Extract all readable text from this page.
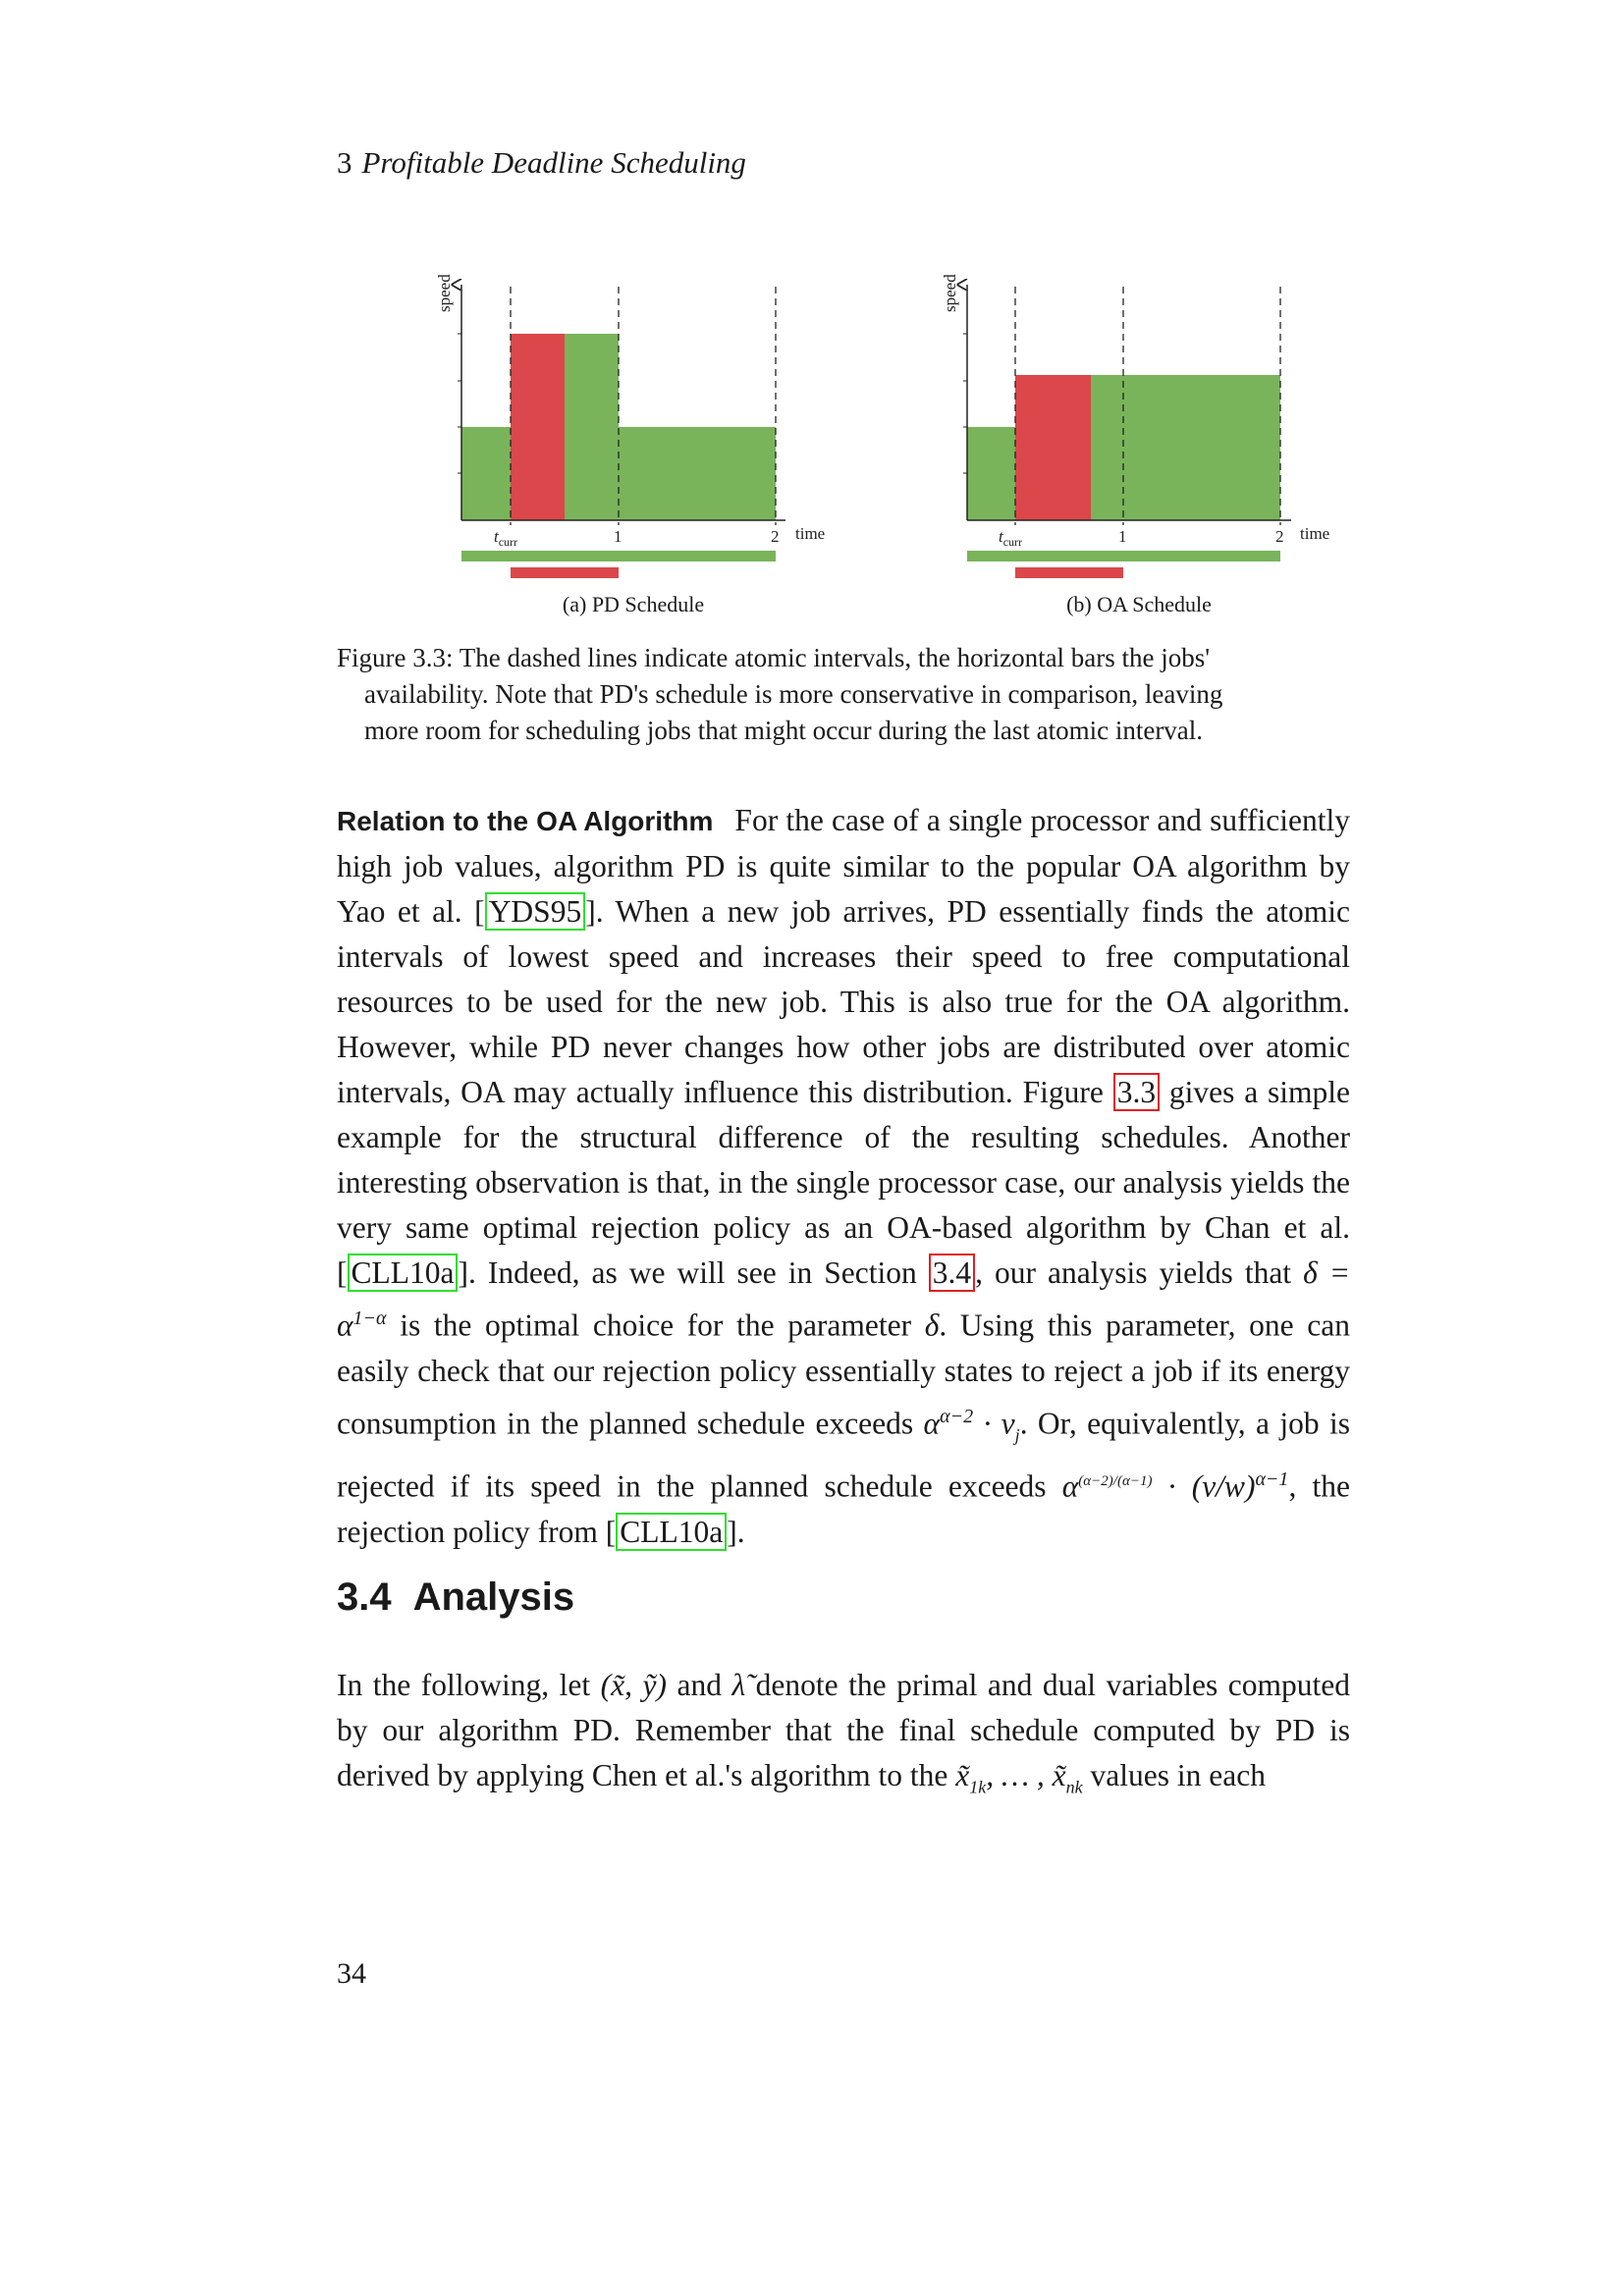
3 Profitable Deadline Scheduling
speed
$t_{curr}$	1	2 time
speed
$t_{curr}$	1	2 time
(a) PD Schedule	(b) OA Schedule
Figure 3.3: The dashed lines indicate atomic intervals, the horizontal bars the jobs'
availability. Note that PD's schedule is more conservative in comparison, leaving
more room for scheduling jobs that might occur during the last atomic interval.
Relation to the OA Algorithm For the case of a single processor and sufficiently high job values, algorithm PD is quite similar to the popular OA algorithm by Yao et al. [ YDS95 ]. When a new job arrives, PD essentially finds the atomic intervals of lowest speed and increases their speed to free computational resources to be used for the new job. This is also true for the OA algorithm. However, while PD never changes how other jobs are distributed over atomic intervals, OA may actually influence this distribution. Figure 3.3 gives a simple example for the structural difference of the resulting schedules. Another interesting observation is that, in the single processor case, our analysis yields the very same optimal rejection policy as an OA-based algorithm by Chan et al. [ CLL10a ]. Indeed, as we will see in Section 3.4 , our analysis yields that $\delta = \alpha^{1-\alpha}$ is the optimal choice for the parameter δ. Using this parameter, one can easily check that our rejection policy essentially states to reject a job if its energy consumption in the planned schedule exceeds $\alpha^{\alpha-2} \cdot v_j$. Or, equivalently, a job is rejected if its speed in the planned schedule exceeds $\alpha^{(\alpha-2)/(\alpha-1)} \cdot (v/w)^{\alpha-1}$, the rejection policy from [ CLL10a ].
3.4 Analysis
In the following, let (x̃, ỹ) and λ̃ denote the primal and dual variables computed by our algorithm PD. Remember that the final schedule computed by PD is derived by applying Chen et al.'s algorithm to the $x̃_{1k}$, … , $x̃_{nk}$ values in each
34
